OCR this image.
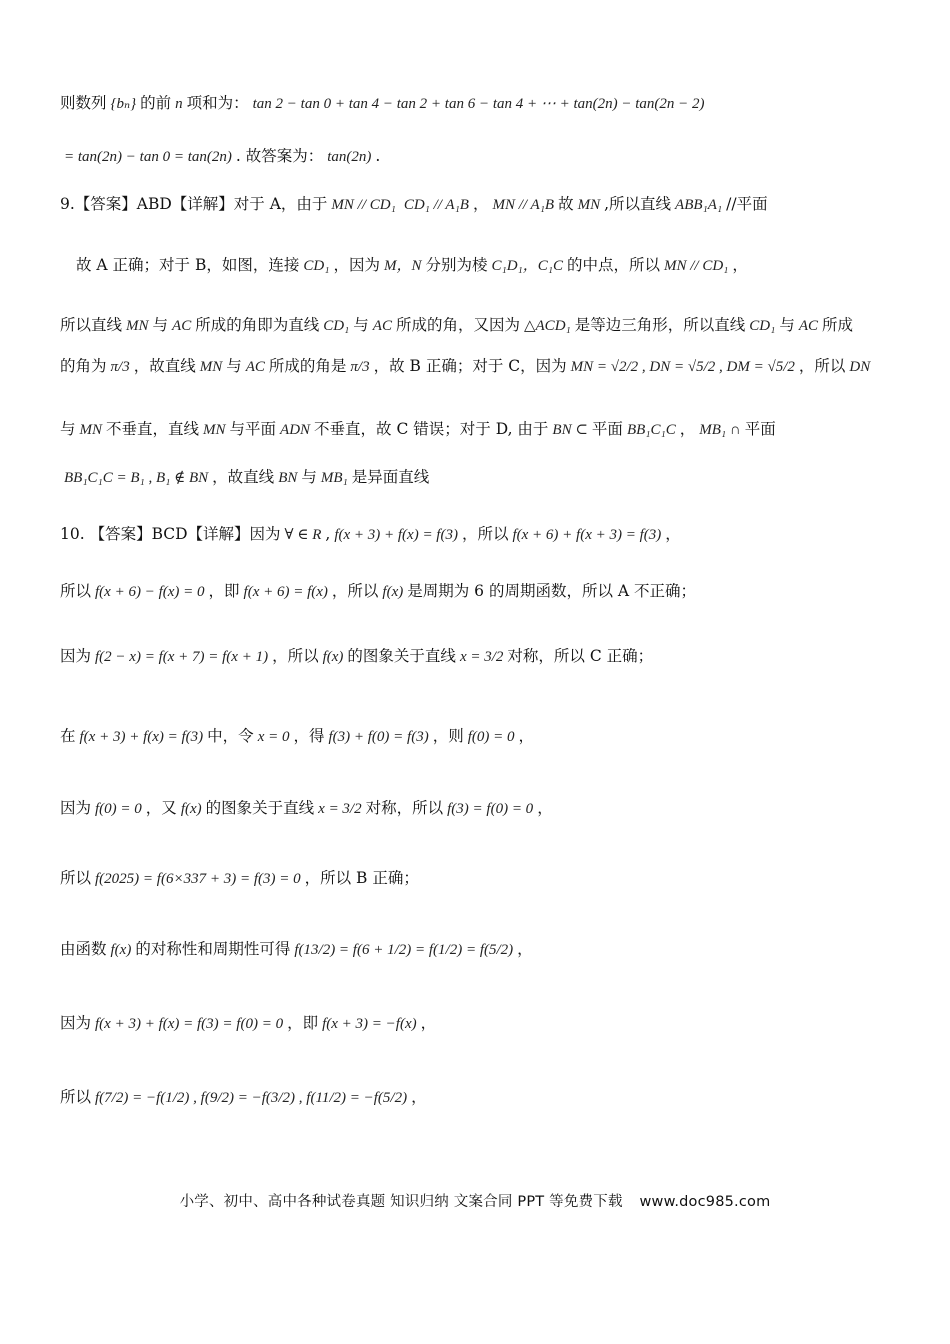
则数列 {bₙ} 的前 n 项和为： tan 2 − tan 0 + tan 4 − tan 2 + tan 6 − tan 4 + ⋯ + tan(2n) − tan(2n − 2)
= tan(2n) − tan 0 = tan(2n) . 故答案为： tan(2n) .
9.【答案】ABD【详解】对于 A，由于 MN // CD₁ CD₁ // A₁B ， MN // A₁B 故 MN ,所以直线 ABB₁A₁ //平面
故 A 正确；对于 B，如图，连接 CD₁ ，因为 M，N 分别为棱 C₁D₁，C₁C 的中点，所以 MN // CD₁ ，
所以直线 MN 与 AC 所成的角即为直线 CD₁ 与 AC 所成的角，又因为 △ACD₁ 是等边三角形，所以直线 CD₁ 与 AC 所成
的角为 π/3 ，故直线 MN 与 AC 所成的角是 π/3 ，故 B 正确；对于 C，因为 MN = √2/2 , DN = √5/2 , DM = √5/2 ，所以 DN
与 MN 不垂直，直线 MN 与平面 ADN 不垂直，故 C 错误；对于 D, 由于 BN ⊂ 平面 BB₁C₁C ， MB₁ ∩ 平面
BB₁C₁C = B₁ , B₁ ∉ BN ，故直线 BN 与 MB₁ 是异面直线
10. 【答案】BCD【详解】因为 ∀ ∈ R , f(x + 3) + f(x) = f(3) ，所以 f(x + 6) + f(x + 3) = f(3) ，
所以 f(x + 6) − f(x) = 0 ，即 f(x + 6) = f(x) ，所以 f(x) 是周期为 6 的周期函数，所以 A 不正确；
因为 f(2 − x) = f(x + 7) = f(x + 1) ，所以 f(x) 的图象关于直线 x = 3/2 对称，所以 C 正确；
在 f(x + 3) + f(x) = f(3) 中，令 x = 0 ，得 f(3) + f(0) = f(3) ，则 f(0) = 0 ，
因为 f(0) = 0 ，又 f(x) 的图象关于直线 x = 3/2 对称，所以 f(3) = f(0) = 0 ，
所以 f(2025) = f(6×337 + 3) = f(3) = 0 ，所以 B 正确；
由函数 f(x) 的对称性和周期性可得 f(13/2) = f(6 + 1/2) = f(1/2) = f(5/2) ，
因为 f(x + 3) + f(x) = f(3) = f(0) = 0 ，即 f(x + 3) = −f(x) ，
所以 f(7/2) = −f(1/2) , f(9/2) = −f(3/2) , f(11/2) = −f(5/2) ，
小学、初中、高中各种试卷真题 知识归纳 文案合同 PPT 等免费下载 www.doc985.com
